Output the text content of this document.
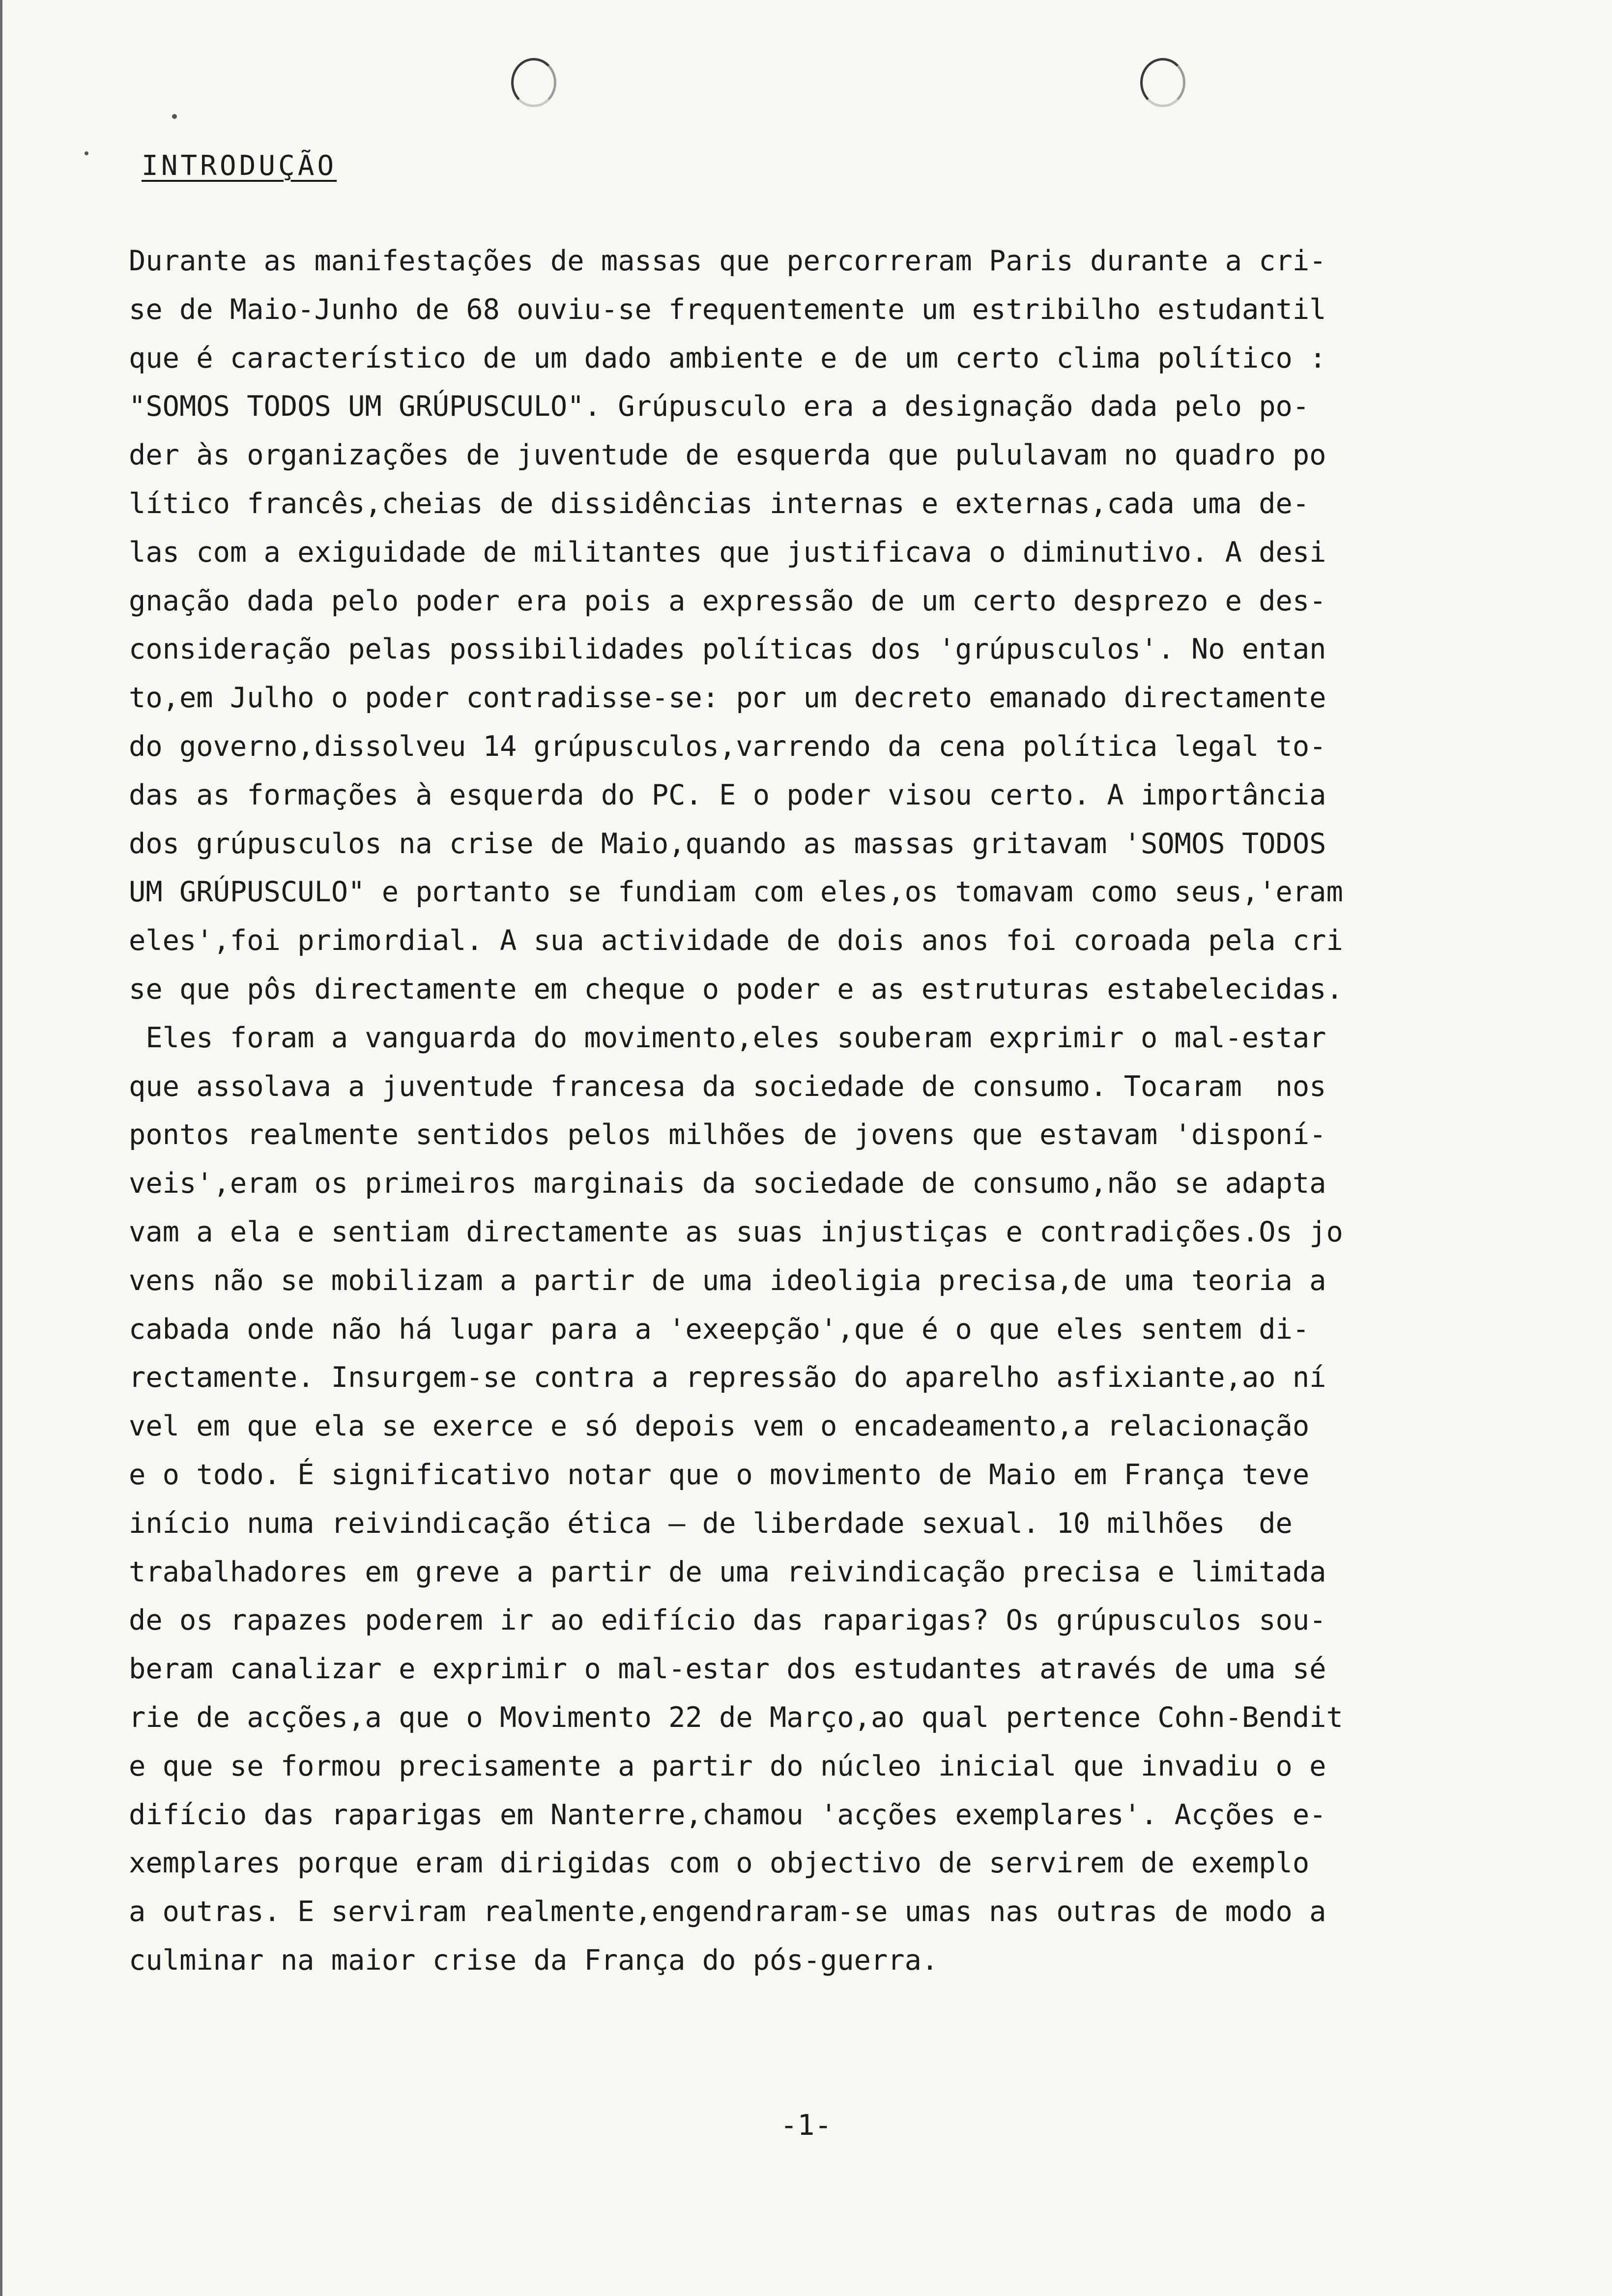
INTRODUÇÃO
Durante as manifestações de massas que percorreram Paris durante a cri-
se de Maio-Junho de 68 ouviu-se frequentemente um estribilho estudantil
que é característico de um dado ambiente e de um certo clima político :
"SOMOS TODOS UM GRÚPUSCULO". Grúpusculo era a designação dada pelo po-
der às organizações de juventude de esquerda que pululavam no quadro po
lítico francês,cheias de dissidências internas e externas,cada uma de-
las com a exiguidade de militantes que justificava o diminutivo. A desi
gnação dada pelo poder era pois a expressão de um certo desprezo e des-
consideração pelas possibilidades políticas dos 'grúpusculos'. No entan
to,em Julho o poder contradisse-se: por um decreto emanado directamente
do governo,dissolveu 14 grúpusculos,varrendo da cena política legal to-
das as formações à esquerda do PC. E o poder visou certo. A importância
dos grúpusculos na crise de Maio,quando as massas gritavam 'SOMOS TODOS
UM GRÚPUSCULO" e portanto se fundiam com eles,os tomavam como seus,'eram
eles',foi primordial. A sua actividade de dois anos foi coroada pela cri
se que pôs directamente em cheque o poder e as estruturas estabelecidas.
Eles foram a vanguarda do movimento,eles souberam exprimir o mal-estar
que assolava a juventude francesa da sociedade de consumo. Tocaram  nos
pontos realmente sentidos pelos milhões de jovens que estavam 'disponí-
veis',eram os primeiros marginais da sociedade de consumo,não se adapta
vam a ela e sentiam directamente as suas injustiças e contradições.Os jo
vens não se mobilizam a partir de uma ideoligia precisa,de uma teoria a
cabada onde não há lugar para a 'exeepção',que é o que eles sentem di-
rectamente. Insurgem-se contra a repressão do aparelho asfixiante,ao ní
vel em que ela se exerce e só depois vem o encadeamento,a relacionação
e o todo. É significativo notar que o movimento de Maio em França teve
início numa reivindicação ética — de liberdade sexual. 10 milhões  de
trabalhadores em greve a partir de uma reivindicação precisa e limitada
de os rapazes poderem ir ao edifício das raparigas? Os grúpusculos sou-
beram canalizar e exprimir o mal-estar dos estudantes através de uma sé
rie de acções,a que o Movimento 22 de Março,ao qual pertence Cohn-Bendit
e que se formou precisamente a partir do núcleo inicial que invadiu o e
difício das raparigas em Nanterre,chamou 'acções exemplares'. Acções e-
xemplares porque eram dirigidas com o objectivo de servirem de exemplo
a outras. E serviram realmente,engendraram-se umas nas outras de modo a
culminar na maior crise da França do pós-guerra.
-1-
